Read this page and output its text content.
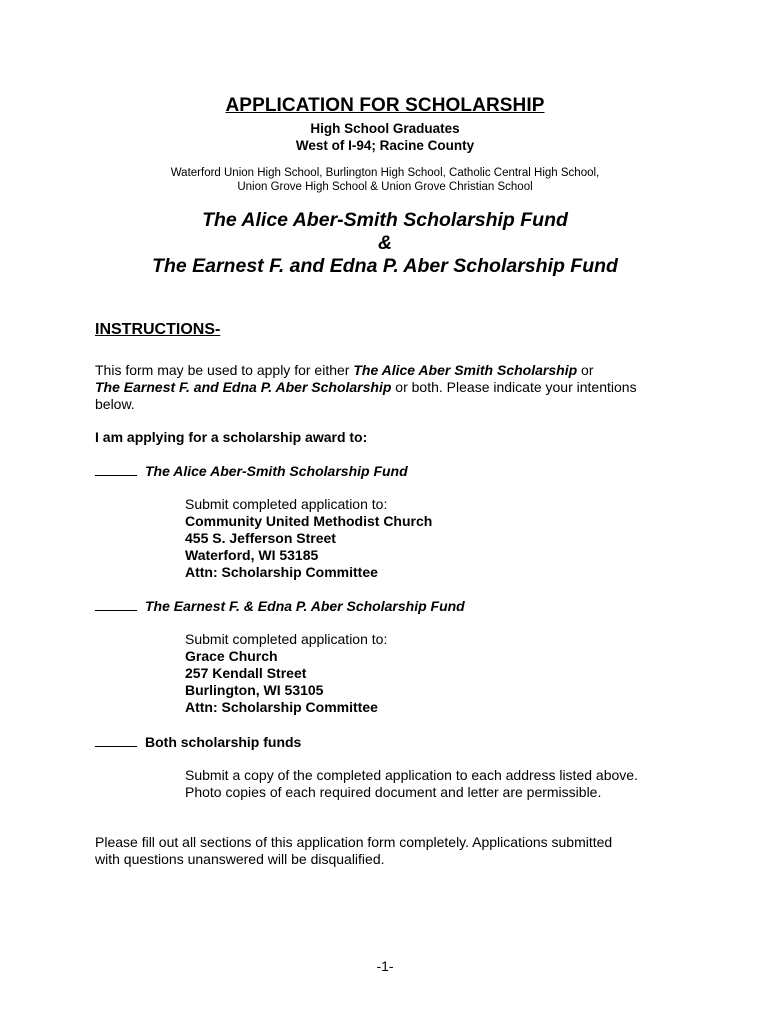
APPLICATION FOR SCHOLARSHIP
High School Graduates
West of I-94; Racine County
Waterford Union High School, Burlington High School, Catholic Central High School,
Union Grove High School & Union Grove Christian School
The Alice Aber-Smith Scholarship Fund
&
The Earnest F. and Edna P. Aber Scholarship Fund
INSTRUCTIONS-
This form may be used to apply for either The Alice Aber Smith Scholarship or
The Earnest F. and Edna P. Aber Scholarship or both. Please indicate your intentions below.
I am applying for a scholarship award to:
The Alice Aber-Smith Scholarship Fund
Submit completed application to:
Community United Methodist Church
455 S. Jefferson Street
Waterford, WI 53185
Attn: Scholarship Committee
The Earnest F. & Edna P. Aber Scholarship Fund
Submit completed application to:
Grace Church
257 Kendall Street
Burlington, WI 53105
Attn: Scholarship Committee
Both scholarship funds
Submit a copy of the completed application to each address listed above.
Photo copies of each required document and letter are permissible.
Please fill out all sections of this application form completely. Applications submitted
with questions unanswered will be disqualified.
-1-
